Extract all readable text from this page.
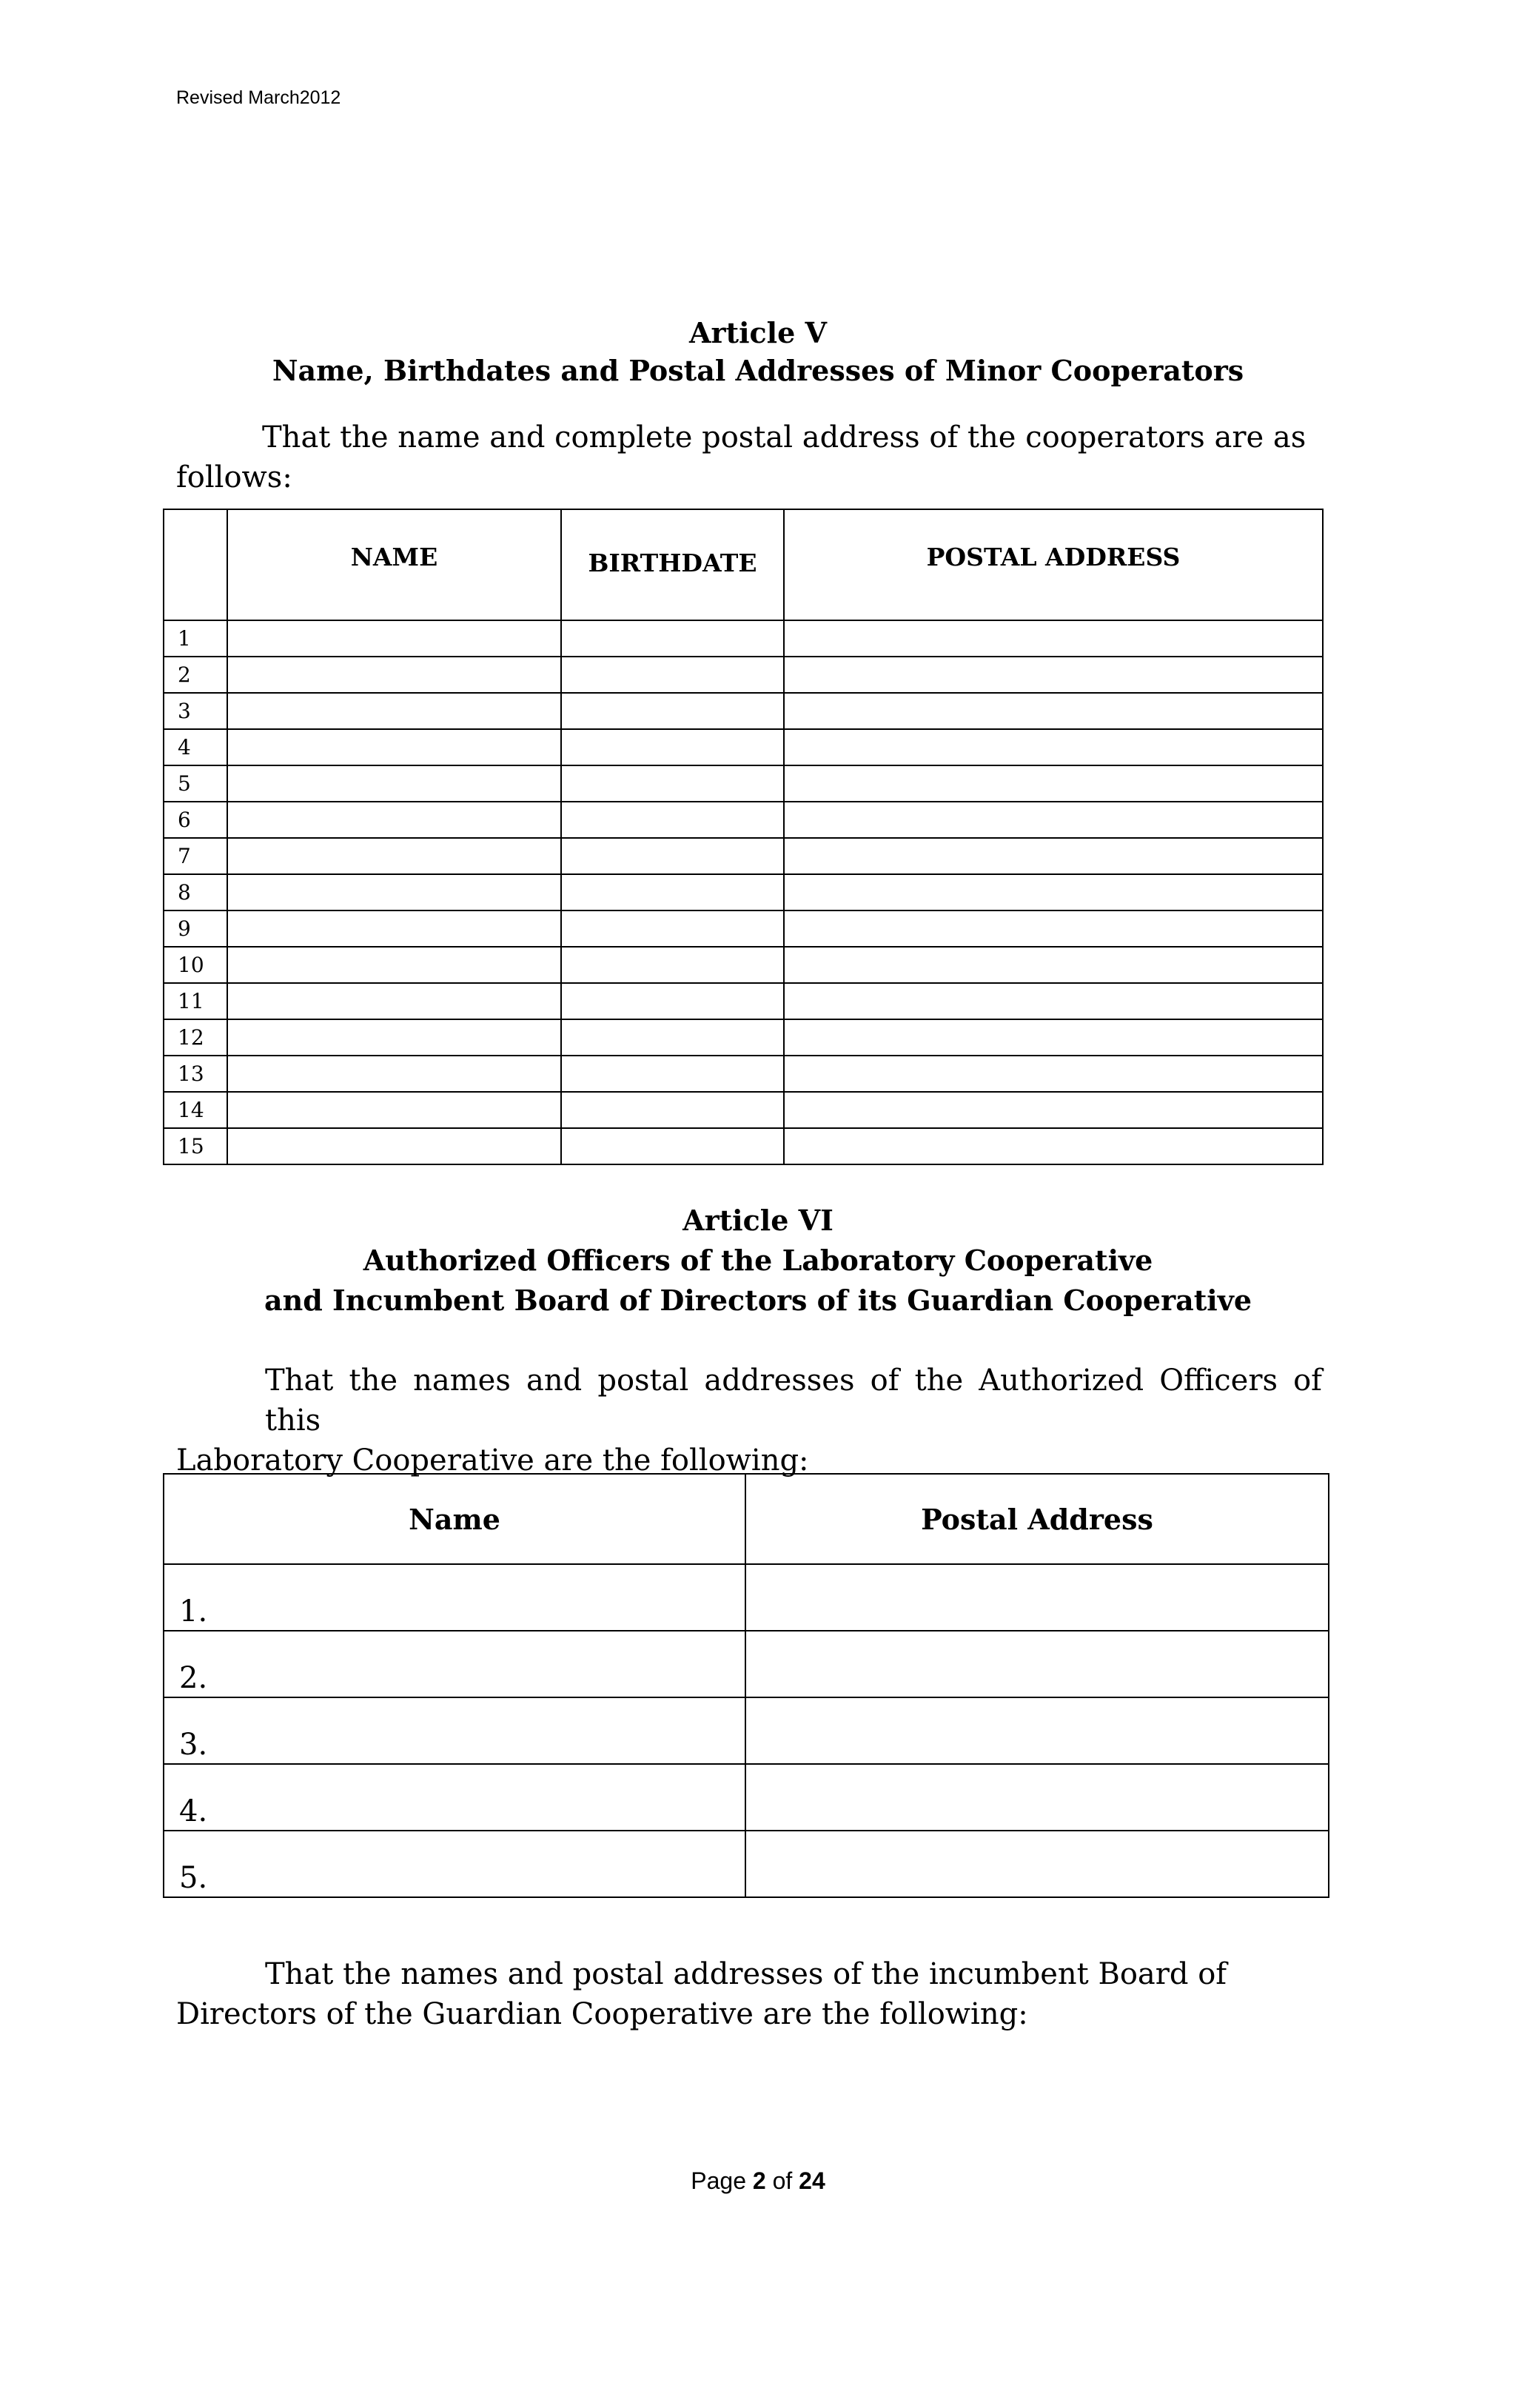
Revised March2012
Article V
Name, Birthdates and Postal Addresses of Minor Cooperators
That the name and complete postal address of the cooperators are as
follows:

	NAME	BIRTHDATE	POSTAL ADDRESS

1			
2			
3			
4			
5			
6			
7			
8			
9			
10			
11			
12			
13			
14			
15			
Article VI
Authorized Officers of the Laboratory Cooperative
and Incumbent Board of Directors of its Guardian Cooperative
That the names and postal addresses of the Authorized Officers of this
Laboratory Cooperative are the following:
Name	Postal Address
1.	
2.	
3.	
4.	
5.	
That the names and postal addresses of the incumbent Board of
Directors of the Guardian Cooperative are the following:
Page 2 of 24
